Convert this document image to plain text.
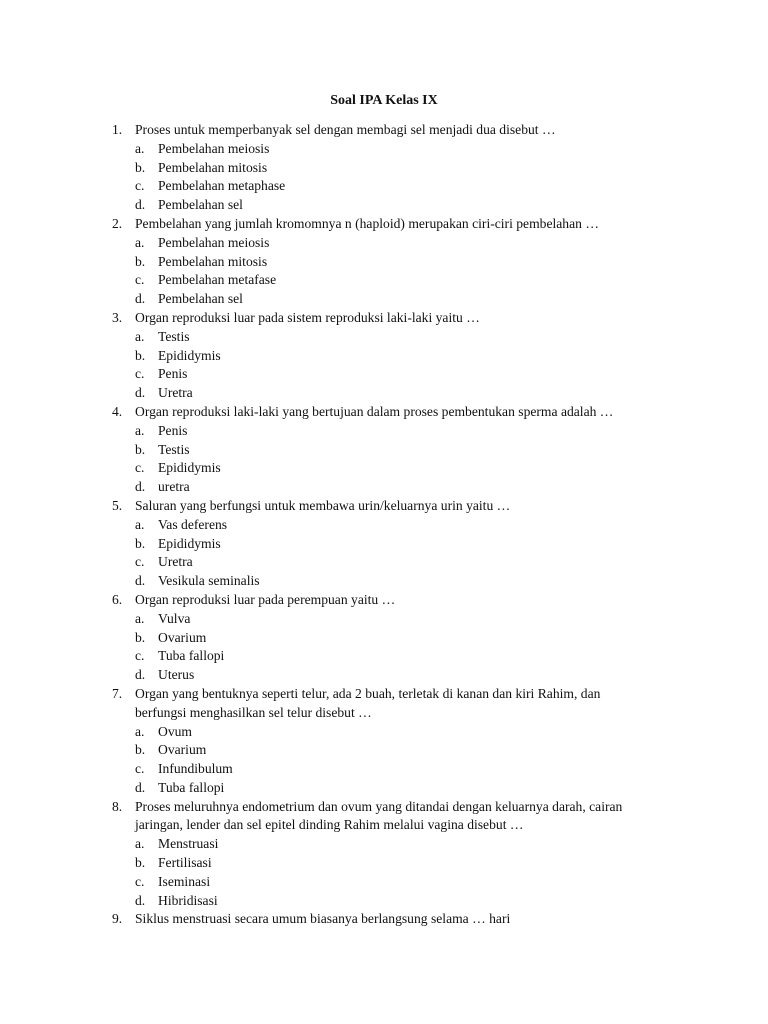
Soal IPA Kelas IX
1. Proses untuk memperbanyak sel dengan membagi sel menjadi dua disebut …
a. Pembelahan meiosis
b. Pembelahan mitosis
c. Pembelahan metaphase
d. Pembelahan sel
2. Pembelahan yang jumlah kromomnya n (haploid) merupakan ciri-ciri pembelahan …
a. Pembelahan meiosis
b. Pembelahan mitosis
c. Pembelahan metafase
d. Pembelahan sel
3. Organ reproduksi luar pada sistem reproduksi laki-laki yaitu …
a. Testis
b. Epididymis
c. Penis
d. Uretra
4. Organ reproduksi laki-laki yang bertujuan dalam proses pembentukan sperma adalah …
a. Penis
b. Testis
c. Epididymis
d. uretra
5. Saluran yang berfungsi untuk membawa urin/keluarnya urin yaitu …
a. Vas deferens
b. Epididymis
c. Uretra
d. Vesikula seminalis
6. Organ reproduksi luar pada perempuan yaitu …
a. Vulva
b. Ovarium
c. Tuba fallopi
d. Uterus
7. Organ yang bentuknya seperti telur, ada 2 buah, terletak di kanan dan kiri Rahim, dan berfungsi menghasilkan sel telur disebut …
a. Ovum
b. Ovarium
c. Infundibulum
d. Tuba fallopi
8. Proses meluruhnya endometrium dan ovum yang ditandai dengan keluarnya darah, cairan jaringan, lender dan sel epitel dinding Rahim melalui vagina disebut …
a. Menstruasi
b. Fertilisasi
c. Iseminasi
d. Hibridisasi
9. Siklus menstruasi secara umum biasanya berlangsung selama … hari
